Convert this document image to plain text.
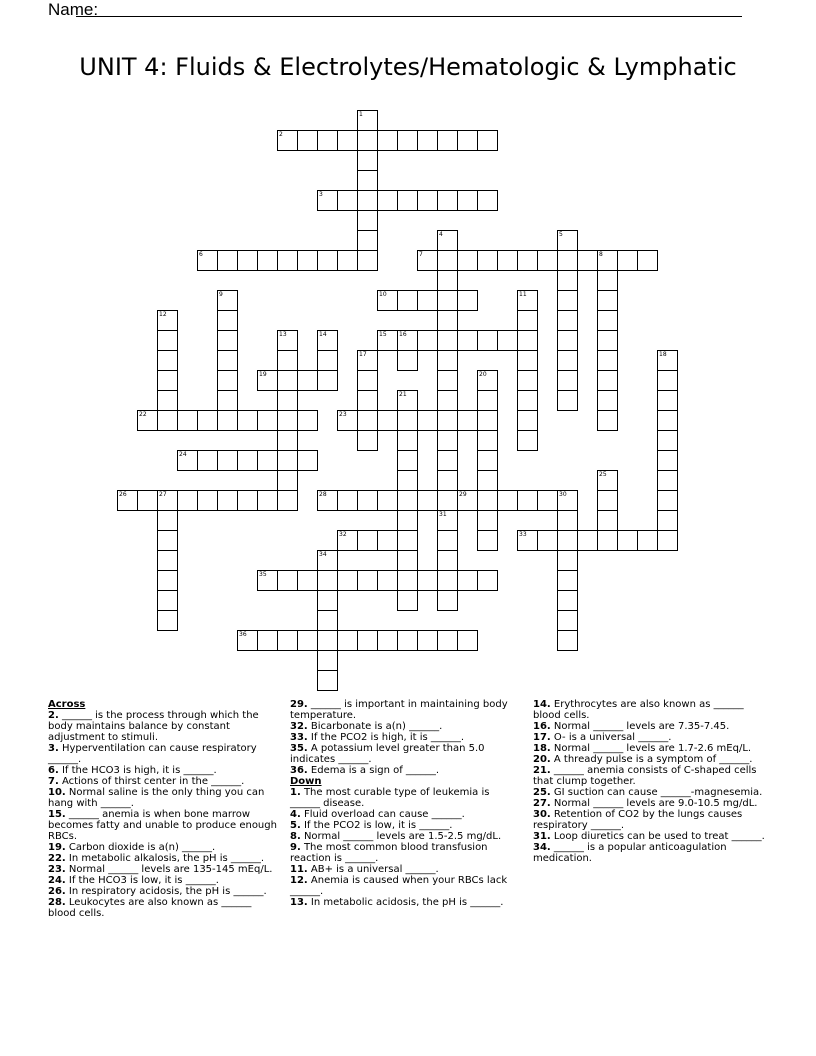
Name:
UNIT 4: Fluids & Electrolytes/Hematologic & Lymphatic
1
2
3
4
31
5
6	7	8
9	10	11
12
13	14	15 16
17	18
19	20
21
22	23
24
25
26	27	28	29	30
32	33
34
35
36
Across
2. ______ is the process through which the body maintains balance by constant adjustment to stimuli.
3. Hyperventilation can cause respiratory ______.
6. If the HCO3 is high, it is ______.
7. Actions of thirst center in the ______.
10. Normal saline is the only thing you can hang with ______.
15. ______ anemia is when bone marrow becomes fatty and unable to produce enough RBCs.
19. Carbon dioxide is a(n) ______.
22. In metabolic alkalosis, the pH is ______.
23. Normal ______ levels are 135-145 mEq/L.
24. If the HCO3 is low, it is ______.
26. In respiratory acidosis, the pH is ______.
28. Leukocytes are also known as ______ blood cells.
29. ______ is important in maintaining body temperature.
32. Bicarbonate is a(n) ______.
33. If the PCO2 is high, it is ______.
35. A potassium level greater than 5.0 indicates ______.
36. Edema is a sign of ______.
Down
1. The most curable type of leukemia is ______ disease.
4. Fluid overload can cause ______.
5. If the PCO2 is low, it is ______.
8. Normal ______ levels are 1.5-2.5 mg/dL.
9. The most common blood transfusion reaction is ______.
11. AB+ is a universal ______.
12. Anemia is caused when your RBCs lack ______.
13. In metabolic acidosis, the pH is ______.
14. Erythrocytes are also known as ______ blood cells.
16. Normal ______ levels are 7.35-7.45.
17. O- is a universal ______.
18. Normal ______ levels are 1.7-2.6 mEq/L.
20. A thready pulse is a symptom of ______.
21. ______ anemia consists of C-shaped cells that clump together.
25. GI suction can cause ______-magnesemia.
27. Normal ______ levels are 9.0-10.5 mg/dL.
30. Retention of CO2 by the lungs causes respiratory ______.
31. Loop diuretics can be used to treat ______.
34. ______ is a popular anticoagulation medication.
